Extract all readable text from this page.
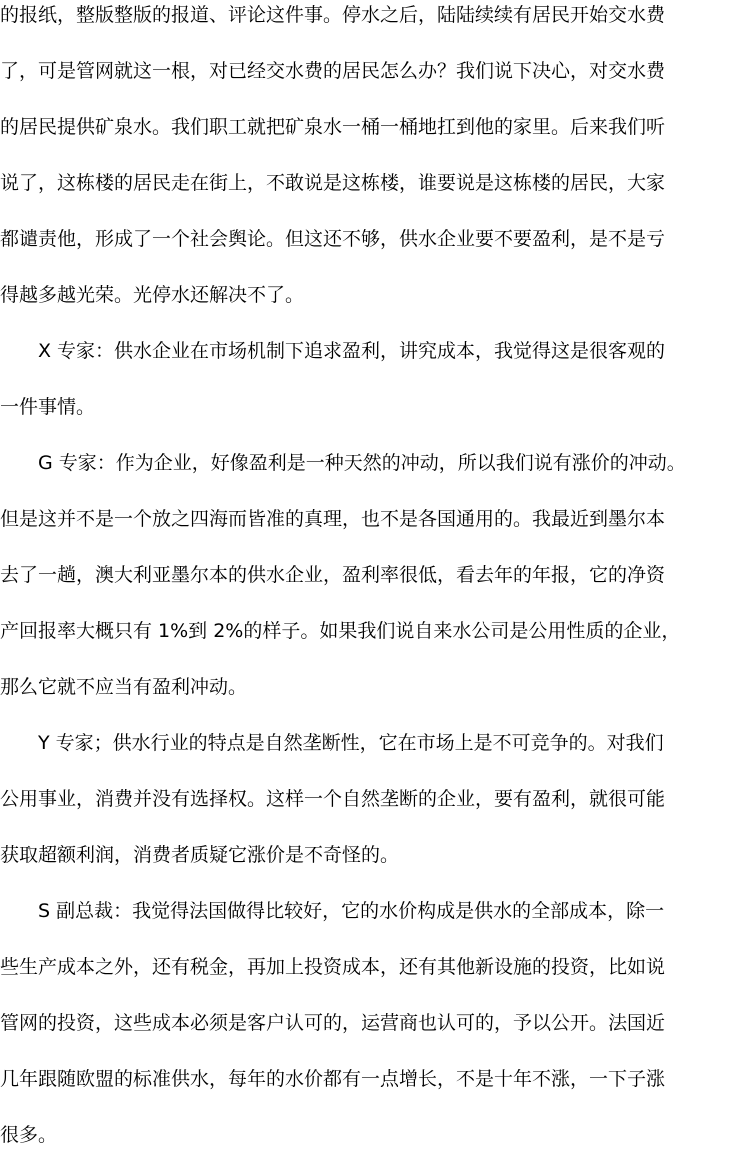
的报纸，整版整版的报道、评论这件事。停水之后，陆陆续续有居民开始交水费
了，可是管网就这一根，对已经交水费的居民怎么办？我们说下决心，对交水费
的居民提供矿泉水。我们职工就把矿泉水一桶一桶地扛到他的家里。后来我们听
说了，这栋楼的居民走在街上，不敢说是这栋楼，谁要说是这栋楼的居民，大家
都谴责他，形成了一个社会舆论。但这还不够，供水企业要不要盈利，是不是亏
得越多越光荣。光停水还解决不了。
X 专家：供水企业在市场机制下追求盈利，讲究成本，我觉得这是很客观的
一件事情。
G 专家：作为企业，好像盈利是一种天然的冲动，所以我们说有涨价的冲动。
但是这并不是一个放之四海而皆准的真理，也不是各国通用的。我最近到墨尔本
去了一趟，澳大利亚墨尔本的供水企业，盈利率很低，看去年的年报，它的净资
产回报率大概只有 1%到 2%的样子。如果我们说自来水公司是公用性质的企业，
那么它就不应当有盈利冲动。
Y 专家；供水行业的特点是自然垄断性，它在市场上是不可竞争的。对我们
公用事业，消费并没有选择权。这样一个自然垄断的企业，要有盈利，就很可能
获取超额利润，消费者质疑它涨价是不奇怪的。
S 副总裁：我觉得法国做得比较好，它的水价构成是供水的全部成本，除一
些生产成本之外，还有税金，再加上投资成本，还有其他新设施的投资，比如说
管网的投资，这些成本必须是客户认可的，运营商也认可的，予以公开。法国近
几年跟随欧盟的标准供水，每年的水价都有一点增长，不是十年不涨，一下子涨
很多。
